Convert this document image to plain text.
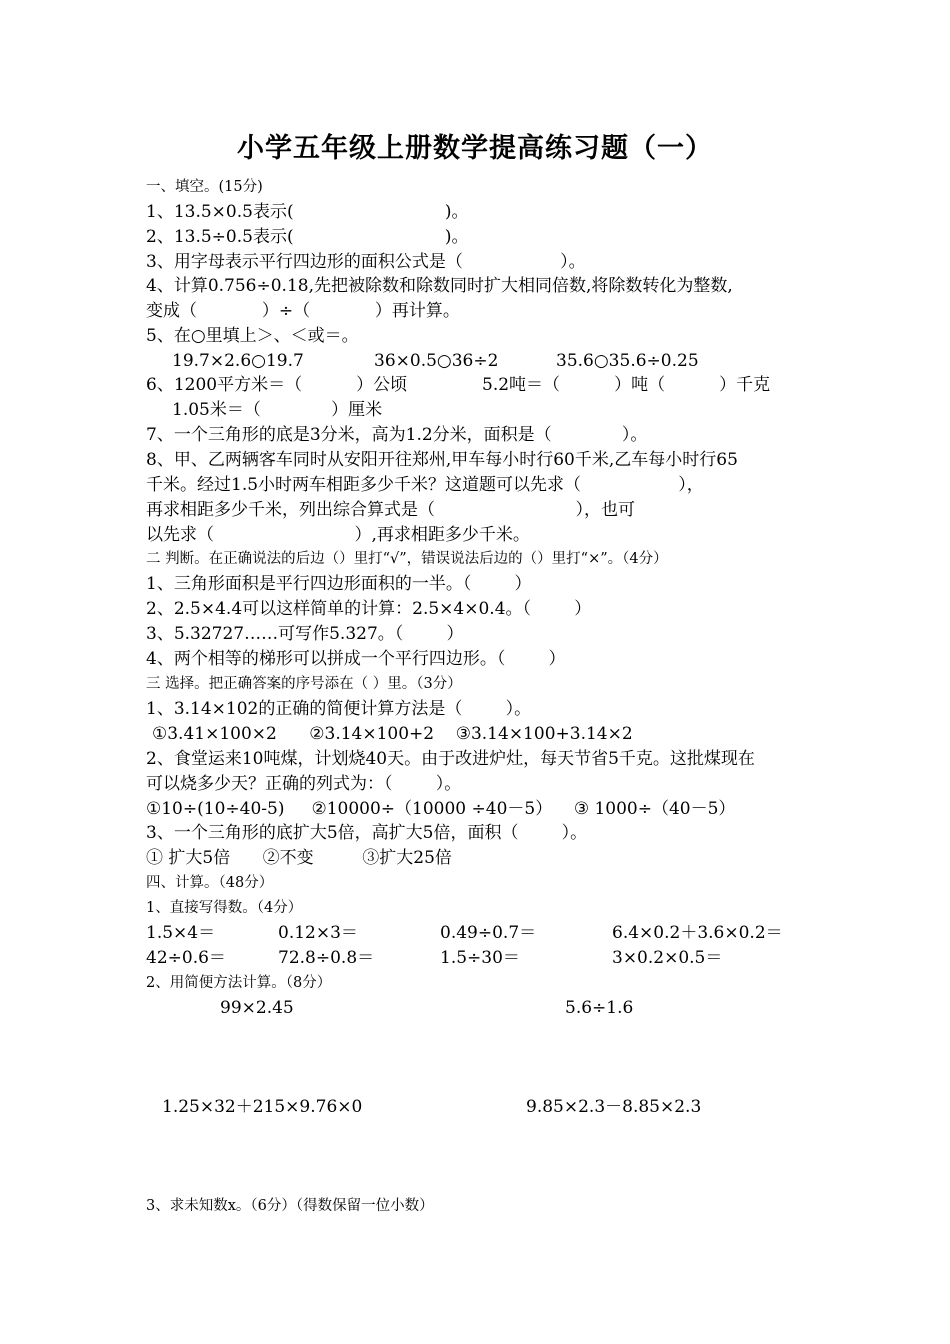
小学五年级上册数学提高练习题（一）
一、填空。(15分)
1、13.5×0.5表示(                            )。
2、13.5÷0.5表示(                            )。
3、用字母表示平行四边形的面积公式是（                  ）。
4、计算0.756÷0.18,先把被除数和除数同时扩大相同倍数,将除数转化为整数,
变成（            ）÷（            ）再计算。
5、在○里填上＞、＜或＝。
19.7×2.6○19.7	36×0.5○36÷2	35.6○35.6÷0.25
6、1200平方米＝（          ）公顷	5.2吨＝（          ）吨（          ）千克
1.05米＝（             ）厘米
7、一个三角形的底是3分米，高为1.2分米，面积是（             ）。
8、甲、乙两辆客车同时从安阳开往郑州,甲车每小时行60千米,乙车每小时行65
千米。经过1.5小时两车相距多少千米？这道题可以先求（                  ），
再求相距多少千米，列出综合算式是（                          ），也可
以先求（                          ）,再求相距多少千米。
二 判断。在正确说法的后边（）里打“√”，错误说法后边的（）里打“×”。（4分）
1、三角形面积是平行四边形面积的一半。（        ）
2、2.5×4.4可以这样简单的计算：2.5×4×0.4。（        ）
3、5.32727……可写作5.327。（        ）
4、两个相等的梯形可以拼成一个平行四边形。（        ）
三 选择。把正确答案的序号添在（ ）里。（3分）
1、3.14×102的正确的简便计算方法是（        ）。
①3.41×100×2      ②3.14×100+2    ③3.14×100+3.14×2
2、食堂运来10吨煤，计划烧40天。由于改进炉灶，每天节省5千克。这批煤现在
可以烧多少天？正确的列式为：（        ）。
①10÷(10÷40-5)     ②10000÷（10000 ÷40－5）    ③ 1000÷（40－5）
3、一个三角形的底扩大5倍，高扩大5倍，面积（        ）。
① 扩大5倍      ②不变         ③扩大25倍
四、计算。（48分）
1、直接写得数。（4分）
1.5×4＝	0.12×3＝	0.49÷0.7＝	6.4×0.2＋3.6×0.2＝
42÷0.6＝	72.8÷0.8＝	1.5÷30＝	3×0.2×0.5＝
2、用简便方法计算。（8分）
99×2.45	5.6÷1.6
1.25×32＋215×9.76×0	9.85×2.3－8.85×2.3
3、求未知数x。（6分）（得数保留一位小数）
